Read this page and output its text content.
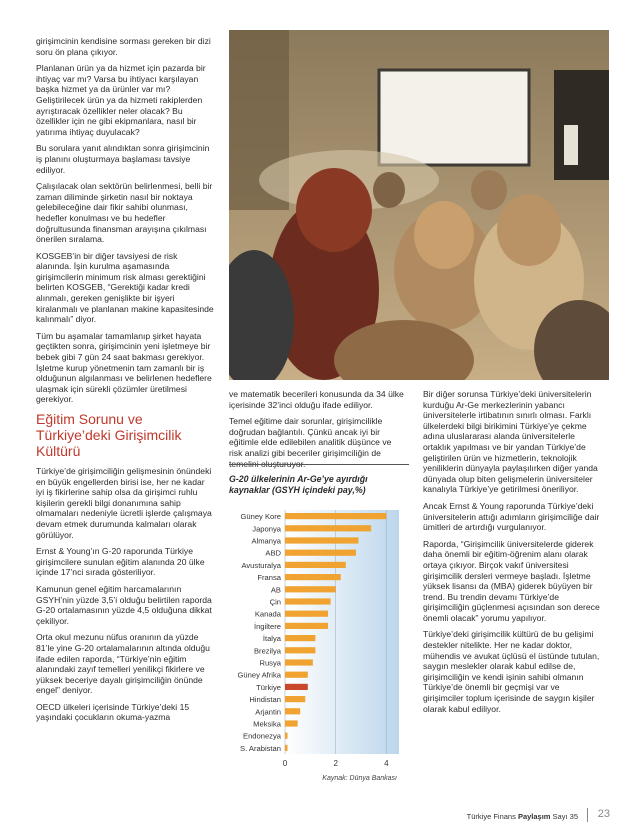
girişimcinin kendisine sorması gereken bir dizi soru ön plana çıkıyor.

Planlanan ürün ya da hizmet için pazarda bir ihtiyaç var mı? Varsa bu ihtiyacı karşılayan başka hizmet ya da ürünler var mı? Geliştirilecek ürün ya da hizmeti rakiplerden ayrıştıracak özellikler neler olacak? Bu özellikler için ne gibi ekipmanlara, nasıl bir yatırıma ihtiyaç duyulacak?

Bu sorulara yanıt alındıktan sonra girişimcinin iş planını oluşturmaya başlaması tavsiye ediliyor.

Çalışılacak olan sektörün belirlenmesi, belli bir zaman diliminde şirketin nasıl bir noktaya gelebileceğine dair fikir sahibi olunması, hedefler konulması ve bu hedefler doğrultusunda finansman arayışına çıkılması önerilen sıralama.

KOSGEB’in bir diğer tavsiyesi de risk alanında. İşin kurulma aşamasında girişimcilerin minimum risk alması gerektiğini belirten KOSGEB, “Gerektiği kadar kredi alınmalı, gereken genişlikte bir işyeri kiralanmalı ve planlanan makine kapasitesinde kalınmalı” diyor.

Tüm bu aşamalar tamamlanıp şirket hayata geçtikten sonra, girişimcinin yeni işletmeye bir bebek gibi 7 gün 24 saat bakması gerekiyor. İşletme kurup yönetmenin tam zamanlı bir iş olduğunun algılanması ve belirlenen hedeflere ulaşmak için sürekli çözümler üretilmesi gerekiyor.

Eğitim Sorunu ve Türkiye’deki Girişimcilik Kültürü

Türkiye’de girişimciliğin gelişmesinin önündeki en büyük engellerden birisi ise, her ne kadar iyi iş fikirlerine sahip olsa da girişimci ruhlu kişilerin gerekli bilgi donanımına sahip olmamaları nedeniyle ücretli işlerde çalışmaya devam etmek durumunda kalmaları olarak görülüyor.

Ernst & Young’ın G-20 raporunda Türkiye girişimcilere sunulan eğitim alanında 20 ülke içinde 17’nci sırada gösteriliyor.

Kamunun genel eğitim harcamalarının GSYH’nin yüzde 3,5’i olduğu belirtilen raporda G-20 ortalamasının yüzde 4,5 olduğuna dikkat çekiliyor.

Orta okul mezunu nüfus oranının da yüzde 81’le yine G-20 ortalamalarının altında olduğu ifade edilen raporda, “Türkiye’nin eğitim alanındaki zayıf temelleri yenilikçi fikirlere ve yüksek beceriye dayalı girişimciliğin önünde engel” deniyor.

OECD ülkeleri içerisinde Türkiye’deki 15 yaşındaki çocukların okuma-yazma

ve matematik becerileri konusunda da 34 ülke içerisinde 32’inci olduğu ifade ediliyor.

Temel eğitime dair sorunlar, girişimcilikle doğrudan bağlantılı. Çünkü ancak iyi bir eğitimle elde edilebilen analitik düşünce ve risk analizi gibi beceriler girişimciliğin de

G-20 ülkelerinin Ar-Ge’ye ayırdığı kaynaklar (GSYH içindeki pay,%)
0	2	4
Güney Kore
Japonya
Almanya
ABD
Avusturalya
Fransa
AB
Çin
Kanada
İngiltere
İtalya
Brezilya
Rusya
Güney Afrika
Türkiye
Hindistan
Arjantin
Meksika
Endonezya
S. Arabistan
Kaynak: Dünya Bankası

Bir diğer sorunsa Türkiye’deki üniversitelerin kurduğu Ar-Ge merkezlerinin yabancı üniversitelerle irtibatının sınırlı olması. Farklı ülkelerdeki bilgi birikimini Türkiye’ye çekme adına uluslararası alanda üniversitelerle ortaklık yapılması ve bir yandan Türkiye’de geliştirilen ürün ve hizmetlerin, teknolojik yeniliklerin dünyayla paylaşılırken diğer yanda dünyada olup biten gelişmelerin üniversiteler kanalıyla Türkiye’ye getirilmesi öneriliyor.

Ancak Ernst & Young raporunda Türkiye’deki üniversitelerin attığı adımların girişimciliğe dair ümitleri de artırdığı vurgulanıyor.

Raporda, “Girişimcilik üniversitelerde giderek daha önemli bir eğitim-öğrenim alanı olarak ortaya çıkıyor. Birçok vakıf üniversitesi girişimcilik dersleri vermeye başladı. İşletme yüksek lisansı da (MBA) giderek büyüyen bir trend. Bu trendin devamı Türkiye’de girişimciliğin güçlenmesi açısından son derece önemli olacak” yorumu yapılıyor.

Türkiye’deki girişimcilik kültürü de bu gelişimi destekler nitelikte. Her ne kadar doktor, mühendis ve avukat üçlüsü el üstünde tutulan, saygın meslekler olarak kabul edilse de, girişimciliğin ve kendi işinin sahibi olmanın Türkiye’de önemli bir geçmişi var ve girişimciler toplum içerisinde de saygın kişiler olarak kabul ediliyor.

Türkiye Finans Paylaşım Sayı 35 23
